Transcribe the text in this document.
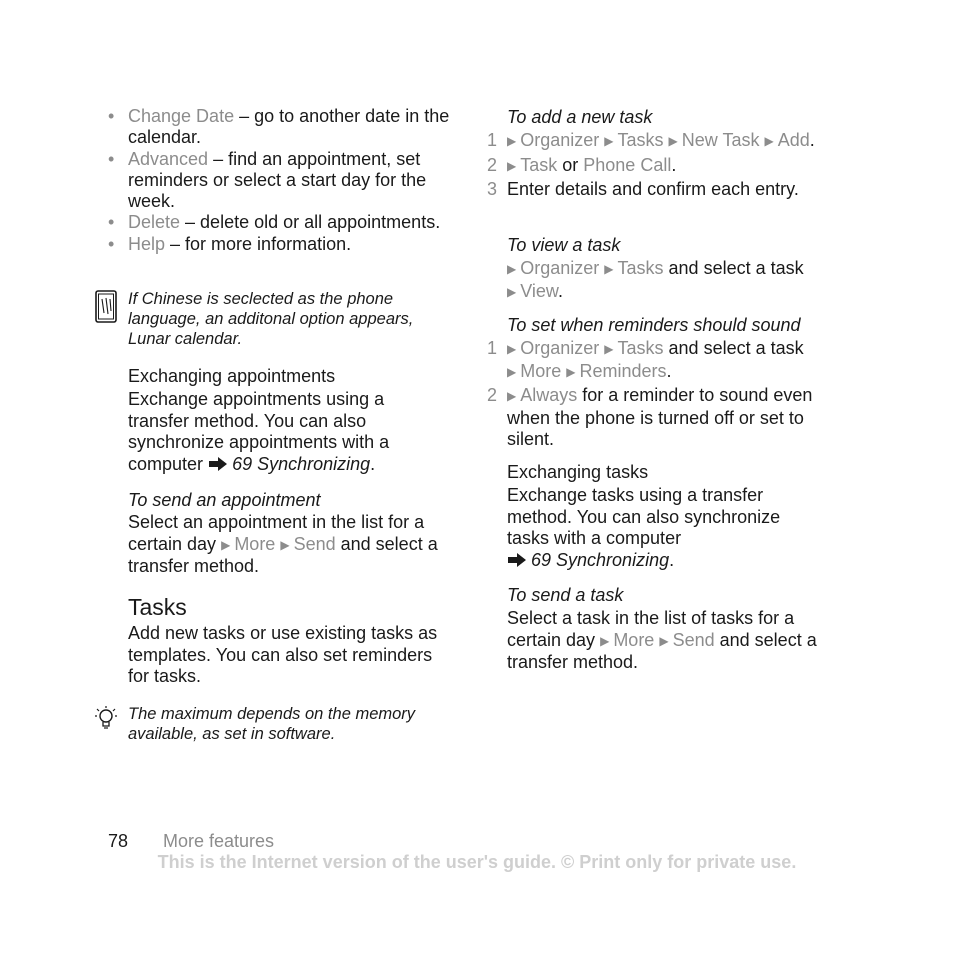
• Change Date – go to another date in the calendar.
• Advanced – find an appointment, set reminders or select a start day for the week.
• Delete – delete old or all appointments.
• Help – for more information.
If Chinese is seclected as the phone language, an additonal option appears, Lunar calendar.
Exchanging appointments
Exchange appointments using a transfer method. You can also synchronize appointments with a computer 69 Synchronizing.
To send an appointment
Select an appointment in the list for a certain day ▶ More ▶ Send and select a transfer method.
Tasks
Add new tasks or use existing tasks as templates. You can also set reminders for tasks.
The maximum depends on the memory available, as set in software.
To add a new task
1 ▶ Organizer ▶ Tasks ▶ New Task ▶ Add.
2 ▶ Task or Phone Call.
3 Enter details and confirm each entry.
To view a task
▶ Organizer ▶ Tasks and select a task ▶ View.
To set when reminders should sound
1 ▶ Organizer ▶ Tasks and select a task ▶ More ▶ Reminders.
2 ▶ Always for a reminder to sound even when the phone is turned off or set to silent.
Exchanging tasks
Exchange tasks using a transfer method. You can also synchronize tasks with a computer
69 Synchronizing.
To send a task
Select a task in the list of tasks for a certain day ▶ More ▶ Send and select a transfer method.
78 More features
This is the Internet version of the user's guide. © Print only for private use.
